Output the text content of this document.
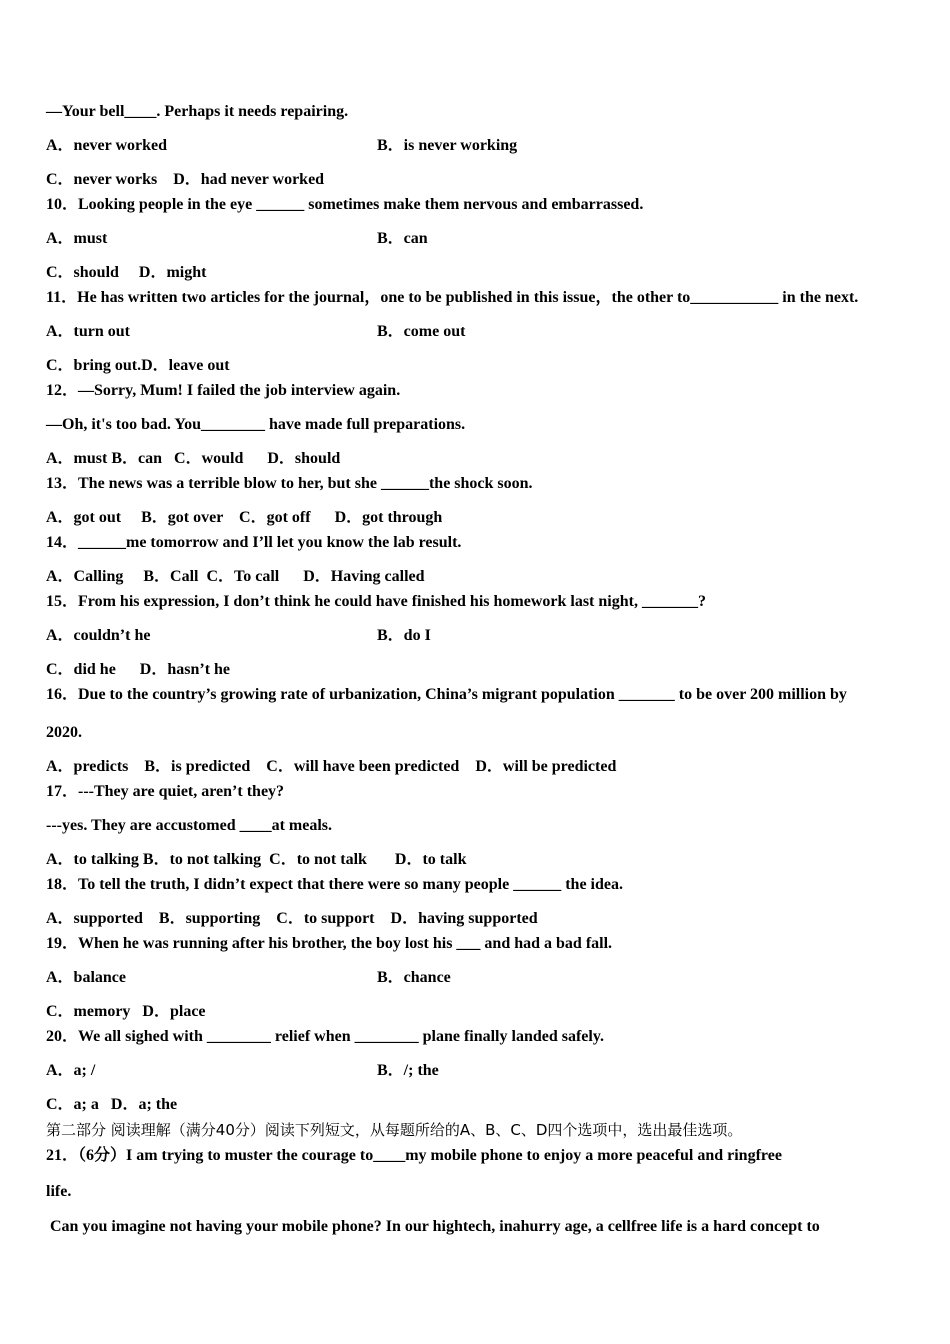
—Your bell____. Perhaps it needs repairing.
A．never worked	B．is never working
C．never works    D．had never worked
10．Looking people in the eye ______ sometimes make them nervous and embarrassed.
A．must	B．can
C．should     D．might
11．He has written two articles for the journal，one to be published in this issue，the other to___________ in the next.
A．turn out	B．come out
C．bring out.D．leave out
12．—Sorry, Mum! I failed the job interview again.
—Oh, it's too bad. You________ have made full preparations.
A．must B．can   C．would      D．should
13．The news was a terrible blow to her, but she ______the shock soon.
A．got out     B．got over    C．got off      D．got through
14．______me tomorrow and I’ll let you know the lab result.
A．Calling     B．Call  C．To call      D．Having called
15．From his expression, I don’t think he could have finished his homework last night, _______?
A．couldn’t he	B．do I
C．did he      D．hasn’t he
16．Due to the country’s growing rate of urbanization, China’s migrant population _______ to be over 200 million by
2020.
A．predicts    B．is predicted    C．will have been predicted    D．will be predicted
17．---They are quiet, aren’t they?
---yes. They are accustomed ____at meals.
A．to talking B．to not talking  C．to not talk       D．to talk
18．To tell the truth, I didn’t expect that there were so many people ______ the idea.
A．supported    B．supporting    C．to support    D．having supported
19．When he was running after his brother, the boy lost his ___ and had a bad fall.
A．balance	B．chance
C．memory   D．place
20．We all sighed with ________ relief when ________ plane finally landed safely.
A．a; /	B．/; the
C．a; a   D．a; the
第二部分 阅读理解（满分40分）阅读下列短文，从每题所给的A、B、C、D四个选项中，选出最佳选项。
21．（6分）I am trying to muster the courage to____my mobile phone to enjoy a more peaceful and ringfree
life.
Can you imagine not having your mobile phone? In our hightech, inahurry age, a cellfree life is a hard concept to
